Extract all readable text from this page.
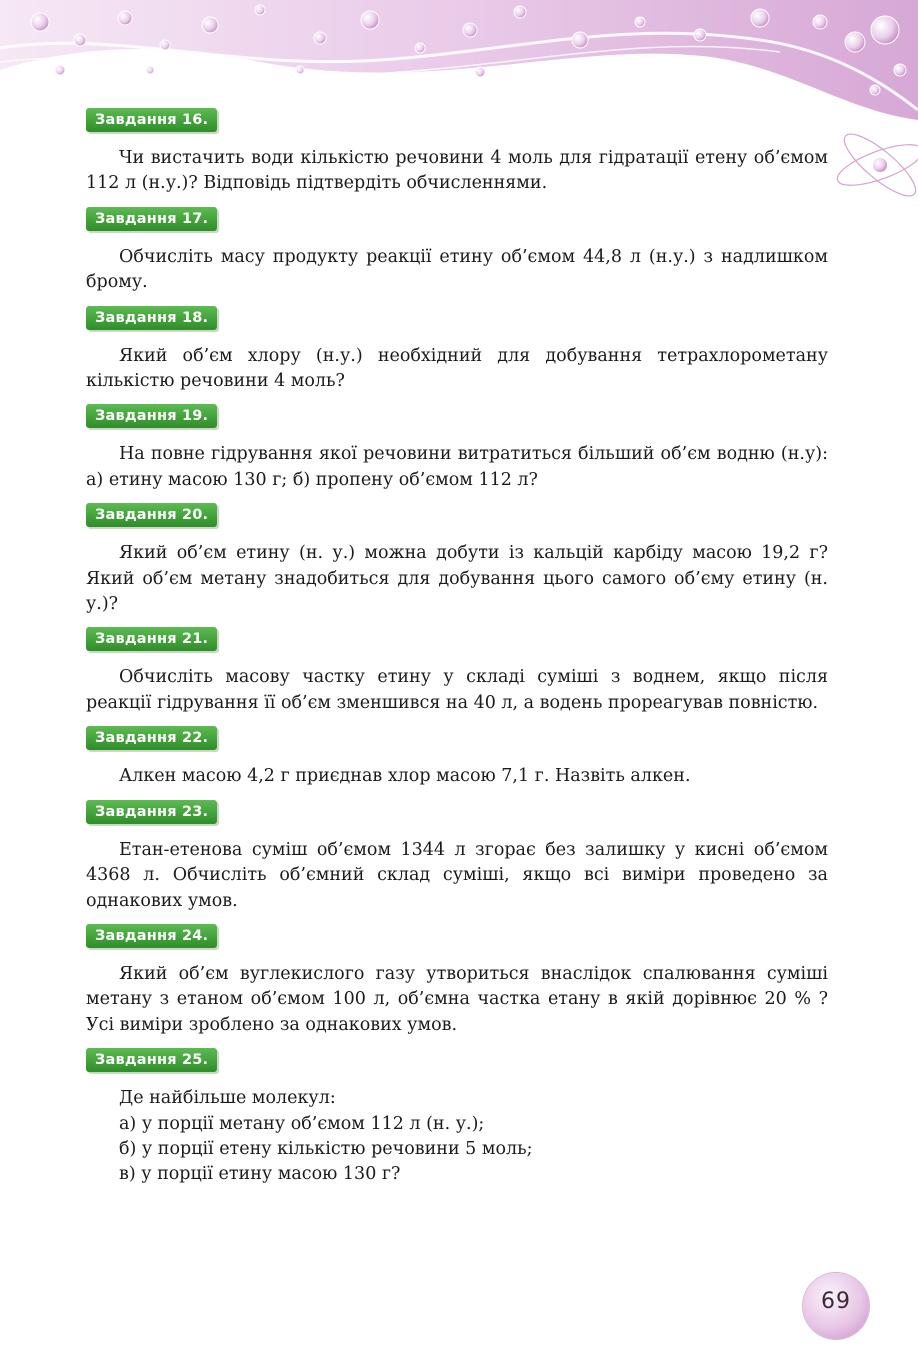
Завдання 16.

Чи вистачить води кількістю речовини 4 моль для гідратації етену об’ємом 112 л (н.у.)? Відповідь підтвердіть обчисленнями.

Завдання 17.

Обчисліть масу продукту реакції етину об’ємом 44,8 л (н.у.) з надлишком брому.

Завдання 18.

Який об’єм хлору (н.у.) необхідний для добування тетрахлорометану кількістю речовини 4 моль?

Завдання 19.

На повне гідрування якої речовини витратиться більший об’єм водню (н.у): а) етину масою 130 г; б) пропену об’ємом 112 л?

Завдання 20.

Який об’єм етину (н. у.) можна добути із кальцій карбіду масою 19,2 г? Який об’єм метану знадобиться для добування цього самого об’єму етину (н. у.)?

Завдання 21.

Обчисліть масову частку етину у складі суміші з воднем, якщо після реакції гідрування її об’єм зменшився на 40 л, а водень прореагував повністю.

Завдання 22.

Алкен масою 4,2 г приєднав хлор масою 7,1 г. Назвіть алкен.

Завдання 23.

Етан-етенова суміш об’ємом 1344 л згорає без залишку у кисні об’ємом 4368 л. Обчисліть об’ємний склад суміші, якщо всі виміри проведено за однакових умов.

Завдання 24.

Який об’єм вуглекислого газу утвориться внаслідок спалювання суміші метану з етаном об’ємом 100 л, об’ємна частка етану в якій дорівнює 20 % ? Усі виміри зроблено за однакових умов.

Завдання 25.
Де найбільше молекул:
а) у порції метану об’ємом 112 л (н. у.);
б) у порції етену кількістю речовини 5 моль;
в) у порції етину масою 130 г?
69
